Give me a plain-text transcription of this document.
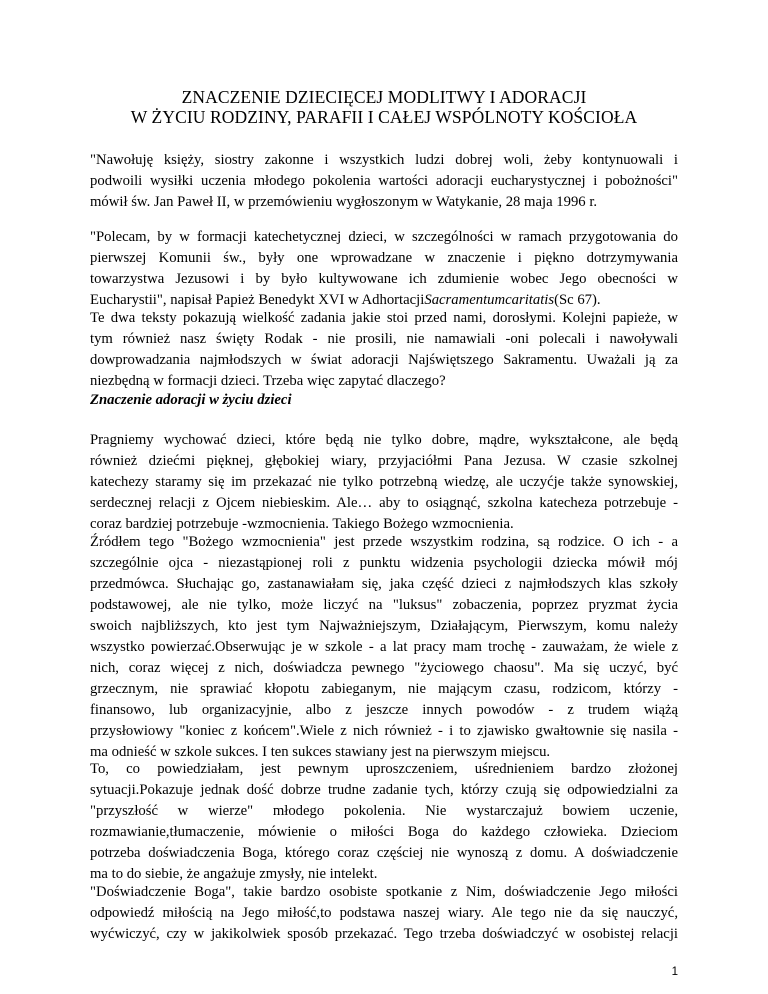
ZNACZENIE DZIECIĘCEJ MODLITWY I ADORACJI
W ŻYCIU RODZINY, PARAFII I CAŁEJ WSPÓLNOTY KOŚCIOŁA
"Nawołuję księży, siostry zakonne i wszystkich ludzi dobrej woli, żeby kontynuowali i
podwoili wysiłki uczenia młodego pokolenia wartości adoracji eucharystycznej i pobożności"
mówił św. Jan Paweł II, w przemówieniu wygłoszonym w Watykanie, 28 maja 1996 r.
"Polecam, by w formacji katechetycznej dzieci, w szczególności w ramach przygotowania do
pierwszej Komunii św., były one wprowadzane w znaczenie i piękno dotrzymywania
towarzystwa Jezusowi i by było kultywowane ich zdumienie wobec Jego obecności w
Eucharystii", napisał Papież Benedykt XVI w AdhortacjiSacramentumcaritatis(Sc 67).
Te dwa teksty pokazują wielkość zadania jakie stoi przed nami, dorosłymi. Kolejni papieże, w
tym również nasz święty Rodak - nie prosili, nie namawiali -oni polecali i nawoływali
dowprowadzania najmłodszych w świat adoracji Najświętszego Sakramentu. Uważali ją za
niezbędną w formacji dzieci. Trzeba więc zapytać dlaczego?
Znaczenie adoracji w życiu dzieci
Pragniemy wychować dzieci, które będą nie tylko dobre, mądre, wykształcone, ale będą
również dziećmi pięknej, głębokiej wiary, przyjaciółmi Pana Jezusa. W czasie szkolnej
katechezy staramy się im przekazać nie tylko potrzebną wiedzę, ale uczyćje także synowskiej,
serdecznej relacji z Ojcem niebieskim. Ale… aby to osiągnąć, szkolna katecheza potrzebuje -
coraz bardziej potrzebuje -wzmocnienia. Takiego Bożego wzmocnienia.
Źródłem tego "Bożego wzmocnienia" jest przede wszystkim rodzina, są rodzice. O ich - a
szczególnie ojca - niezastąpionej roli z punktu widzenia psychologii dziecka mówił mój
przedmówca. Słuchając go, zastanawiałam się, jaka część dzieci z najmłodszych klas szkoły
podstawowej, ale nie tylko, może liczyć na "luksus" zobaczenia, poprzez pryzmat życia
swoich najbliższych, kto jest tym Najważniejszym, Działającym, Pierwszym, komu należy
wszystko powierzać.Obserwując je w szkole - a lat pracy mam trochę - zauważam, że wiele z
nich, coraz więcej z nich, doświadcza pewnego "życiowego chaosu". Ma się uczyć, być
grzecznym, nie sprawiać kłopotu zabieganym, nie mającym czasu, rodzicom, którzy -
finansowo, lub organizacyjnie, albo z jeszcze innych powodów - z trudem wiążą
przysłowiowy "koniec z końcem".Wiele z nich również - i to zjawisko gwałtownie się nasila -
ma odnieść w szkole sukces. I ten sukces stawiany jest na pierwszym miejscu.
To, co powiedziałam, jest pewnym uproszczeniem, uśrednieniem bardzo złożonej
sytuacji.Pokazuje jednak dość dobrze trudne zadanie tych, którzy czują się odpowiedzialni za
"przyszłość w wierze" młodego pokolenia. Nie wystarczajuż bowiem uczenie,
rozmawianie,tłumaczenie, mówienie o miłości Boga do każdego człowieka. Dzieciom
potrzeba doświadczenia Boga, którego coraz częściej nie wynoszą z domu. A doświadczenie
ma to do siebie, że angażuje zmysły, nie intelekt.
"Doświadczenie Boga", takie bardzo osobiste spotkanie z Nim, doświadczenie Jego miłości
odpowiedź miłością na Jego miłość,to podstawa naszej wiary. Ale tego nie da się nauczyć,
wyćwiczyć, czy w jakikolwiek sposób przekazać. Tego trzeba doświadczyć w osobistej relacji
1
